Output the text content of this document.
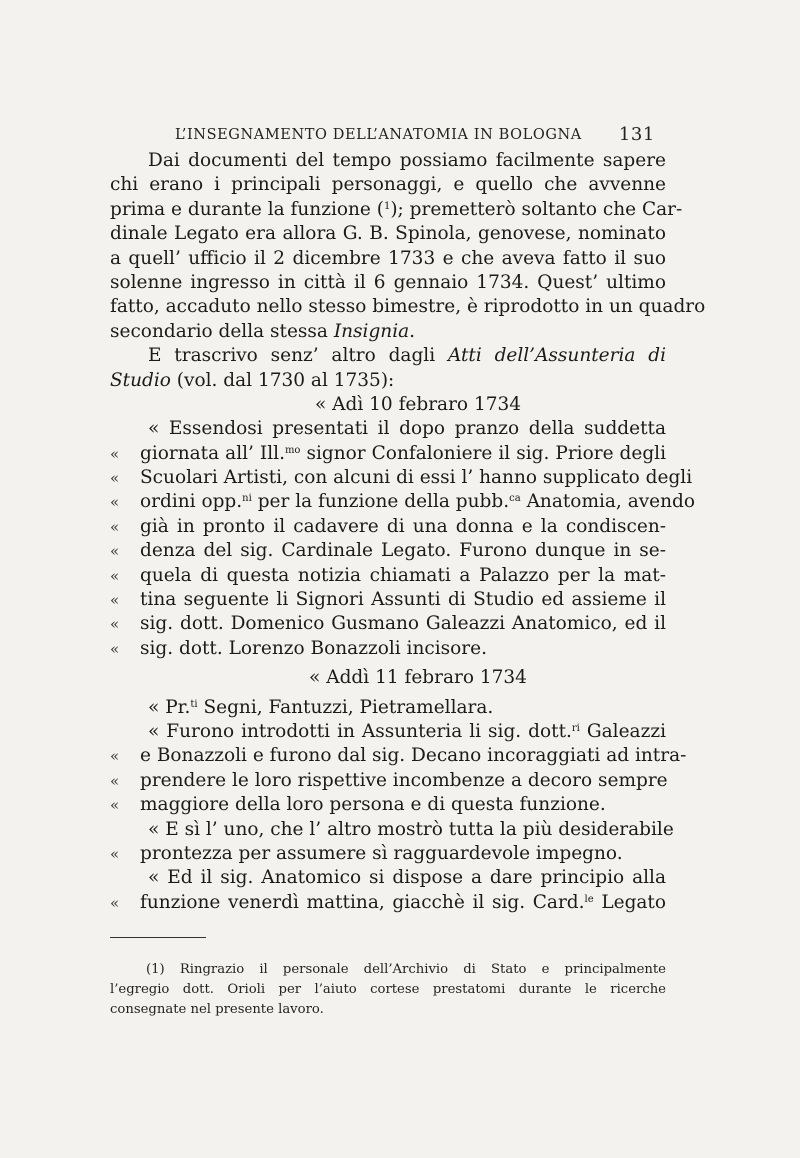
L’INSEGNAMENTO DELL’ANATOMIA IN BOLOGNA 131
Dai documenti del tempo possiamo facilmente sapere
chi erano i principali personaggi, e quello che avvenne
prima e durante la funzione ($^1$); premetterò soltanto che Car-
dinale Legato era allora G. B. Spinola, genovese, nominato
a quell’ ufficio il 2 dicembre 1733 e che aveva fatto il suo
solenne ingresso in città il 6 gennaio 1734. Quest’ ultimo
fatto, accaduto nello stesso bimestre, è riprodotto in un quadro
secondario della stessa Insignia.
E trascrivo senz’ altro dagli Atti dell’Assunteria di
Studio (vol. dal 1730 al 1735):
« Adì 10 febraro 1734
« Essendosi presentati il dopo pranzo della suddetta
« giornata all’ Ill.$^{mo}$ signor Confaloniere il sig. Priore degli
« Scuolari Artisti, con alcuni di essi l’ hanno supplicato degli
« ordini opp.$^{ni}$ per la funzione della pubb.$^{ca}$ Anatomia, avendo
« già in pronto il cadavere di una donna e la condiscen-
« denza del sig. Cardinale Legato. Furono dunque in se-
« quela di questa notizia chiamati a Palazzo per la mat-
« tina seguente li Signori Assunti di Studio ed assieme il
« sig. dott. Domenico Gusmano Galeazzi Anatomico, ed il
« sig. dott. Lorenzo Bonazzoli incisore.
« Addì 11 febraro 1734
« Pr.$^{ti}$ Segni, Fantuzzi, Pietramellara.
« Furono introdotti in Assunteria li sig. dott.$^{ri}$ Galeazzi
« e Bonazzoli e furono dal sig. Decano incoraggiati ad intra-
« prendere le loro rispettive incombenze a decoro sempre
« maggiore della loro persona e di questa funzione.
« E sì l’ uno, che l’ altro mostrò tutta la più desiderabile
« prontezza per assumere sì ragguardevole impegno.
« Ed il sig. Anatomico si dispose a dare principio alla
« funzione venerdì mattina, giacchè il sig. Card.$^{le}$ Legato
(1) Ringrazio il personale dell’Archivio di Stato e principalmente
l’egregio dott. Orioli per l’aiuto cortese prestatomi durante le ricerche
consegnate nel presente lavoro.
